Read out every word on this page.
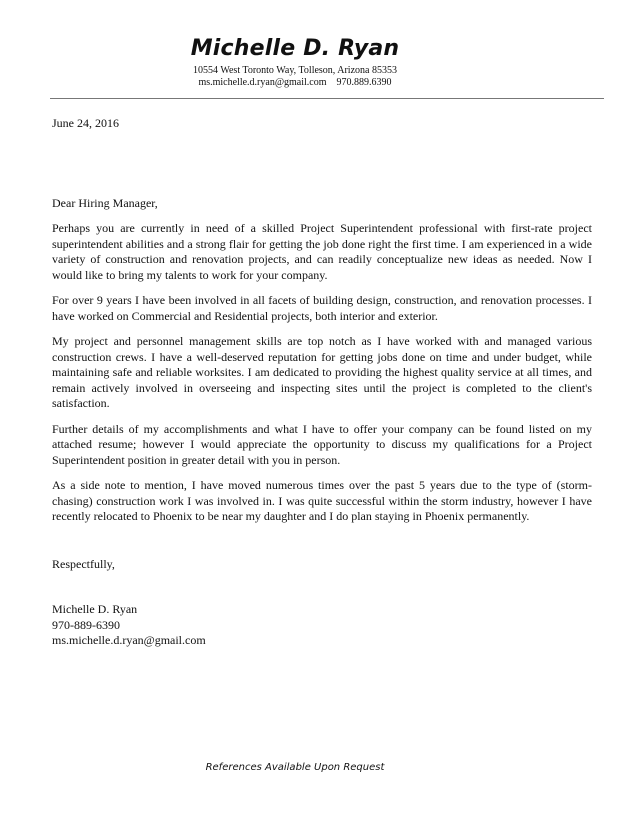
Michelle D. Ryan
10554 West Toronto Way, Tolleson, Arizona 85353
ms.michelle.d.ryan@gmail.com 970.889.6390

June 24, 2016

Dear Hiring Manager,

Perhaps you are currently in need of a skilled Project Superintendent professional with first-rate project superintendent abilities and a strong flair for getting the job done right the first time. I am experienced in a wide variety of construction and renovation projects, and can readily conceptualize new ideas as needed. Now I would like to bring my talents to work for your company.

For over 9 years I have been involved in all facets of building design, construction, and renovation processes. I have worked on Commercial and Residential projects, both interior and exterior.

My project and personnel management skills are top notch as I have worked with and managed various construction crews. I have a well-deserved reputation for getting jobs done on time and under budget, while maintaining safe and reliable worksites. I am dedicated to providing the highest quality service at all times, and remain actively involved in overseeing and inspecting sites until the project is completed to the client's satisfaction.

Further details of my accomplishments and what I have to offer your company can be found listed on my attached resume; however I would appreciate the opportunity to discuss my qualifications for a Project Superintendent position in greater detail with you in person.

As a side note to mention, I have moved numerous times over the past 5 years due to the type of (storm-chasing) construction work I was involved in. I was quite successful within the storm industry, however I have recently relocated to Phoenix to be near my daughter and I do plan staying in Phoenix permanently.

Respectfully,

Michelle D. Ryan
970-889-6390
ms.michelle.d.ryan@gmail.com
References Available Upon Request
